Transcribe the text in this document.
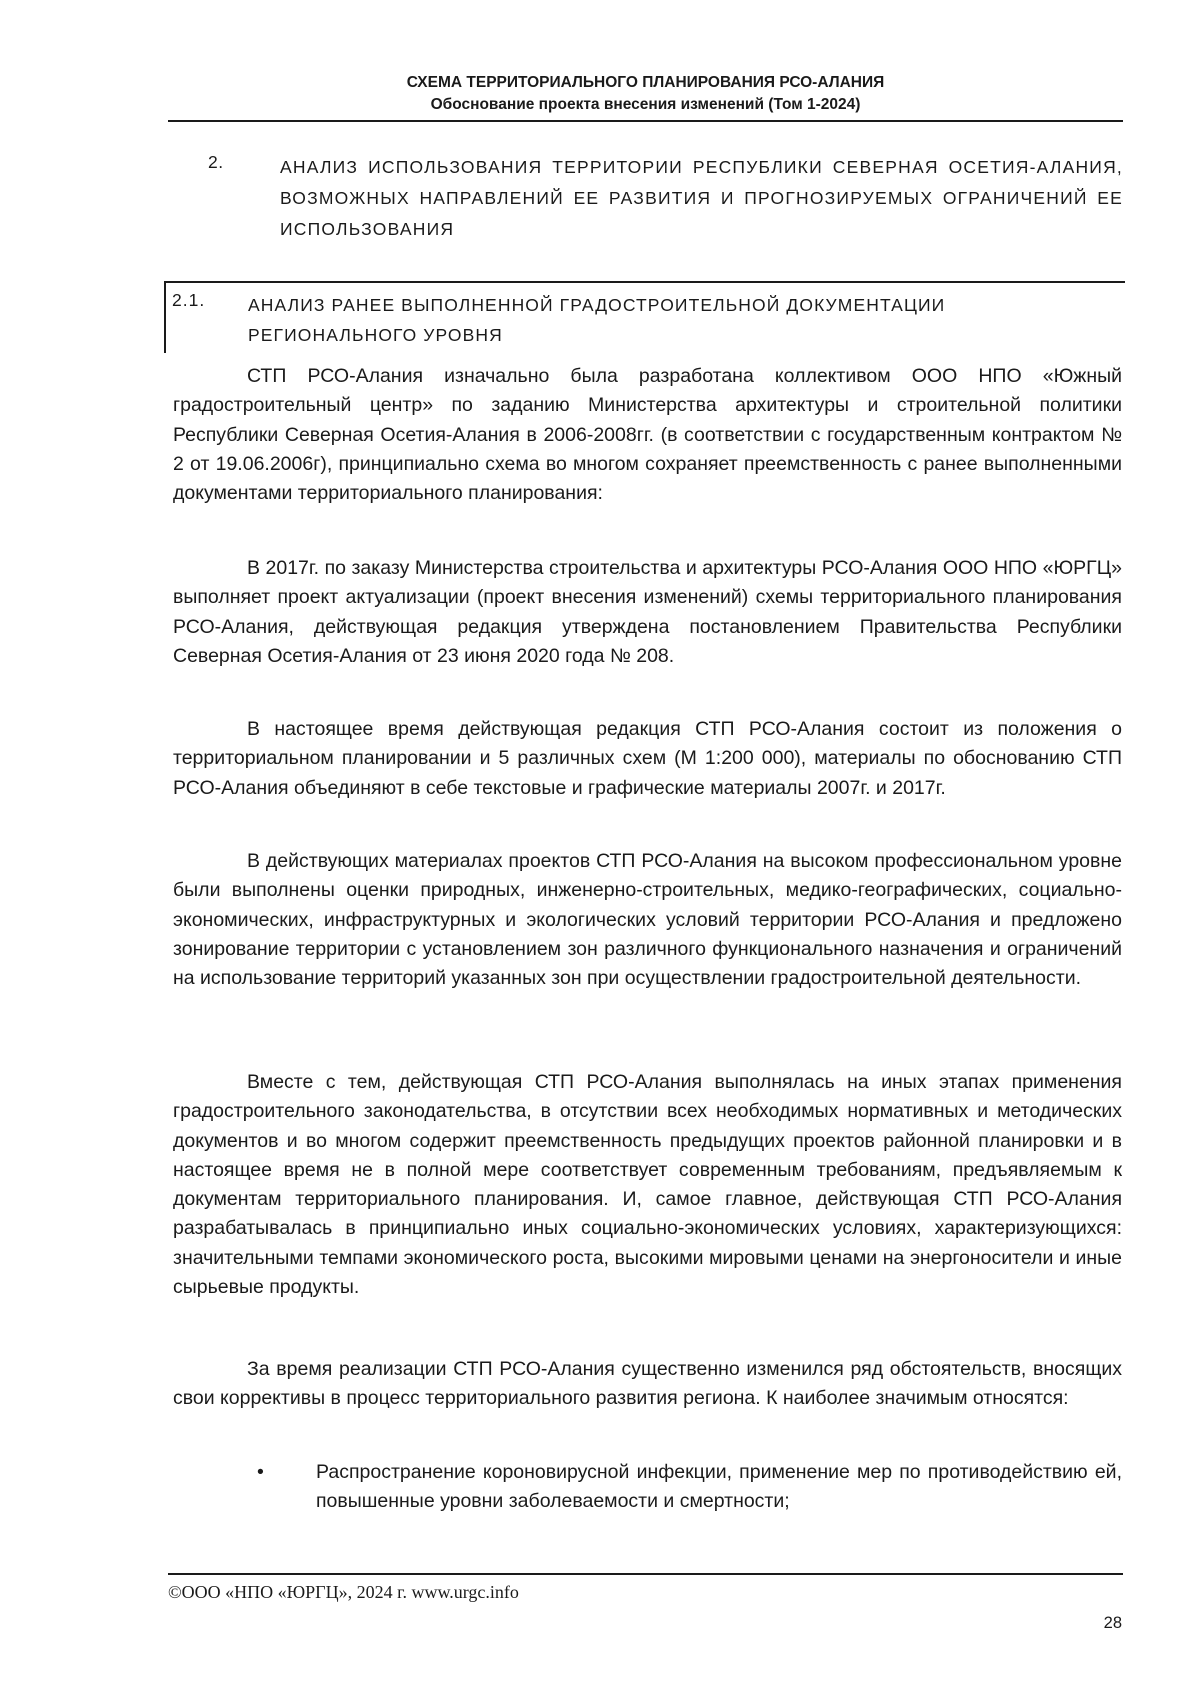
СХЕМА ТЕРРИТОРИАЛЬНОГО ПЛАНИРОВАНИЯ РСО-АЛАНИЯ
Обоснование проекта внесения изменений (Том 1-2024)
2.	АНАЛИЗ ИСПОЛЬЗОВАНИЯ ТЕРРИТОРИИ РЕСПУБЛИКИ СЕВЕРНАЯ ОСЕТИЯ-АЛАНИЯ, ВОЗМОЖНЫХ НАПРАВЛЕНИЙ ЕЕ РАЗВИТИЯ И ПРОГНОЗИРУЕМЫХ ОГРАНИЧЕНИЙ ЕЕ ИСПОЛЬЗОВАНИЯ
2.1. АНАЛИЗ РАНЕЕ ВЫПОЛНЕННОЙ ГРАДОСТРОИТЕЛЬНОЙ ДОКУМЕНТАЦИИ РЕГИОНАЛЬНОГО УРОВНЯ

СТП РСО-Алания изначально была разработана коллективом ООО НПО «Южный градостроительный центр» по заданию Министерства архитектуры и строительной политики Республики Северная Осетия-Алания в 2006-2008гг. (в соответствии с государственным контрактом № 2 от 19.06.2006г), принципиально схема во многом сохраняет преемственность с ранее выполненными документами территориального планирования:

В 2017г. по заказу Министерства строительства и архитектуры РСО-Алания ООО НПО «ЮРГЦ» выполняет проект актуализации (проект внесения изменений) схемы территориального планирования РСО-Алания, действующая редакция утверждена постановлением Правительства Республики Северная Осетия-Алания от 23 июня 2020 года № 208.

В настоящее время действующая редакция СТП РСО-Алания состоит из положения о территориальном планировании и 5 различных схем (М 1:200 000), материалы по обоснованию СТП РСО-Алания объединяют в себе текстовые и графические материалы 2007г. и 2017г.

В действующих материалах проектов СТП РСО-Алания на высоком профессиональном уровне были выполнены оценки природных, инженерно-строительных, медико-географических, социально-экономических, инфраструктурных и экологических условий территории РСО-Алания и предложено зонирование территории с установлением зон различного функционального назначения и ограничений на использование территорий указанных зон при осуществлении градостроительной деятельности.

Вместе с тем, действующая СТП РСО-Алания выполнялась на иных этапах применения градостроительного законодательства, в отсутствии всех необходимых нормативных и методических документов и во многом содержит преемственность предыдущих проектов районной планировки и в настоящее время не в полной мере соответствует современным требованиям, предъявляемым к документам территориального планирования. И, самое главное, действующая СТП РСО-Алания разрабатывалась в принципиально иных социально-экономических условиях, характеризующихся: значительными темпами экономического роста, высокими мировыми ценами на энергоносители и иные сырьевые продукты.

За время реализации СТП РСО-Алания существенно изменился ряд обстоятельств, вносящих свои коррективы в процесс территориального развития региона. К наиболее значимым относятся:

•	Распространение короновирусной инфекции, применение мер по противодействию ей, повышенные уровни заболеваемости и смертности;
©ООО «НПО «ЮРГЦ», 2024 г. www.urgc.info
28
